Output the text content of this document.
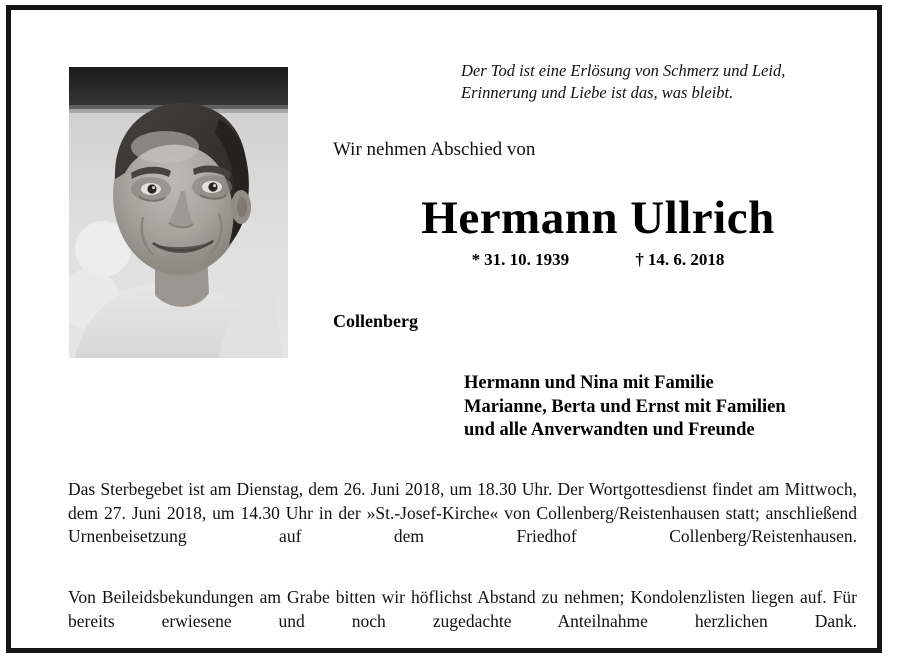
Der Tod ist eine Erlösung von Schmerz und Leid,
Erinnerung und Liebe ist das, was bleibt.
Wir nehmen Abschied von
Hermann Ullrich
* 31. 10. 1939	† 14. 6. 2018
Collenberg
Hermann und Nina mit Familie
Marianne, Berta und Ernst mit Familien
und alle Anverwandten und Freunde

Das Sterbegebet ist am Dienstag, dem 26. Juni 2018, um 18.30 Uhr. Der Wortgottesdienst findet am Mittwoch, dem 27. Juni 2018, um 14.30 Uhr in der »St.-Josef-Kirche« von Collenberg/Reistenhausen statt; anschließend Urnenbeisetzung auf dem Friedhof Collenberg/Reistenhausen.

Von Beileidsbekundungen am Grabe bitten wir höflichst Abstand zu nehmen; Kondolenzlisten liegen auf. Für bereits erwiesene und noch zugedachte Anteilnahme herzlichen Dank.
